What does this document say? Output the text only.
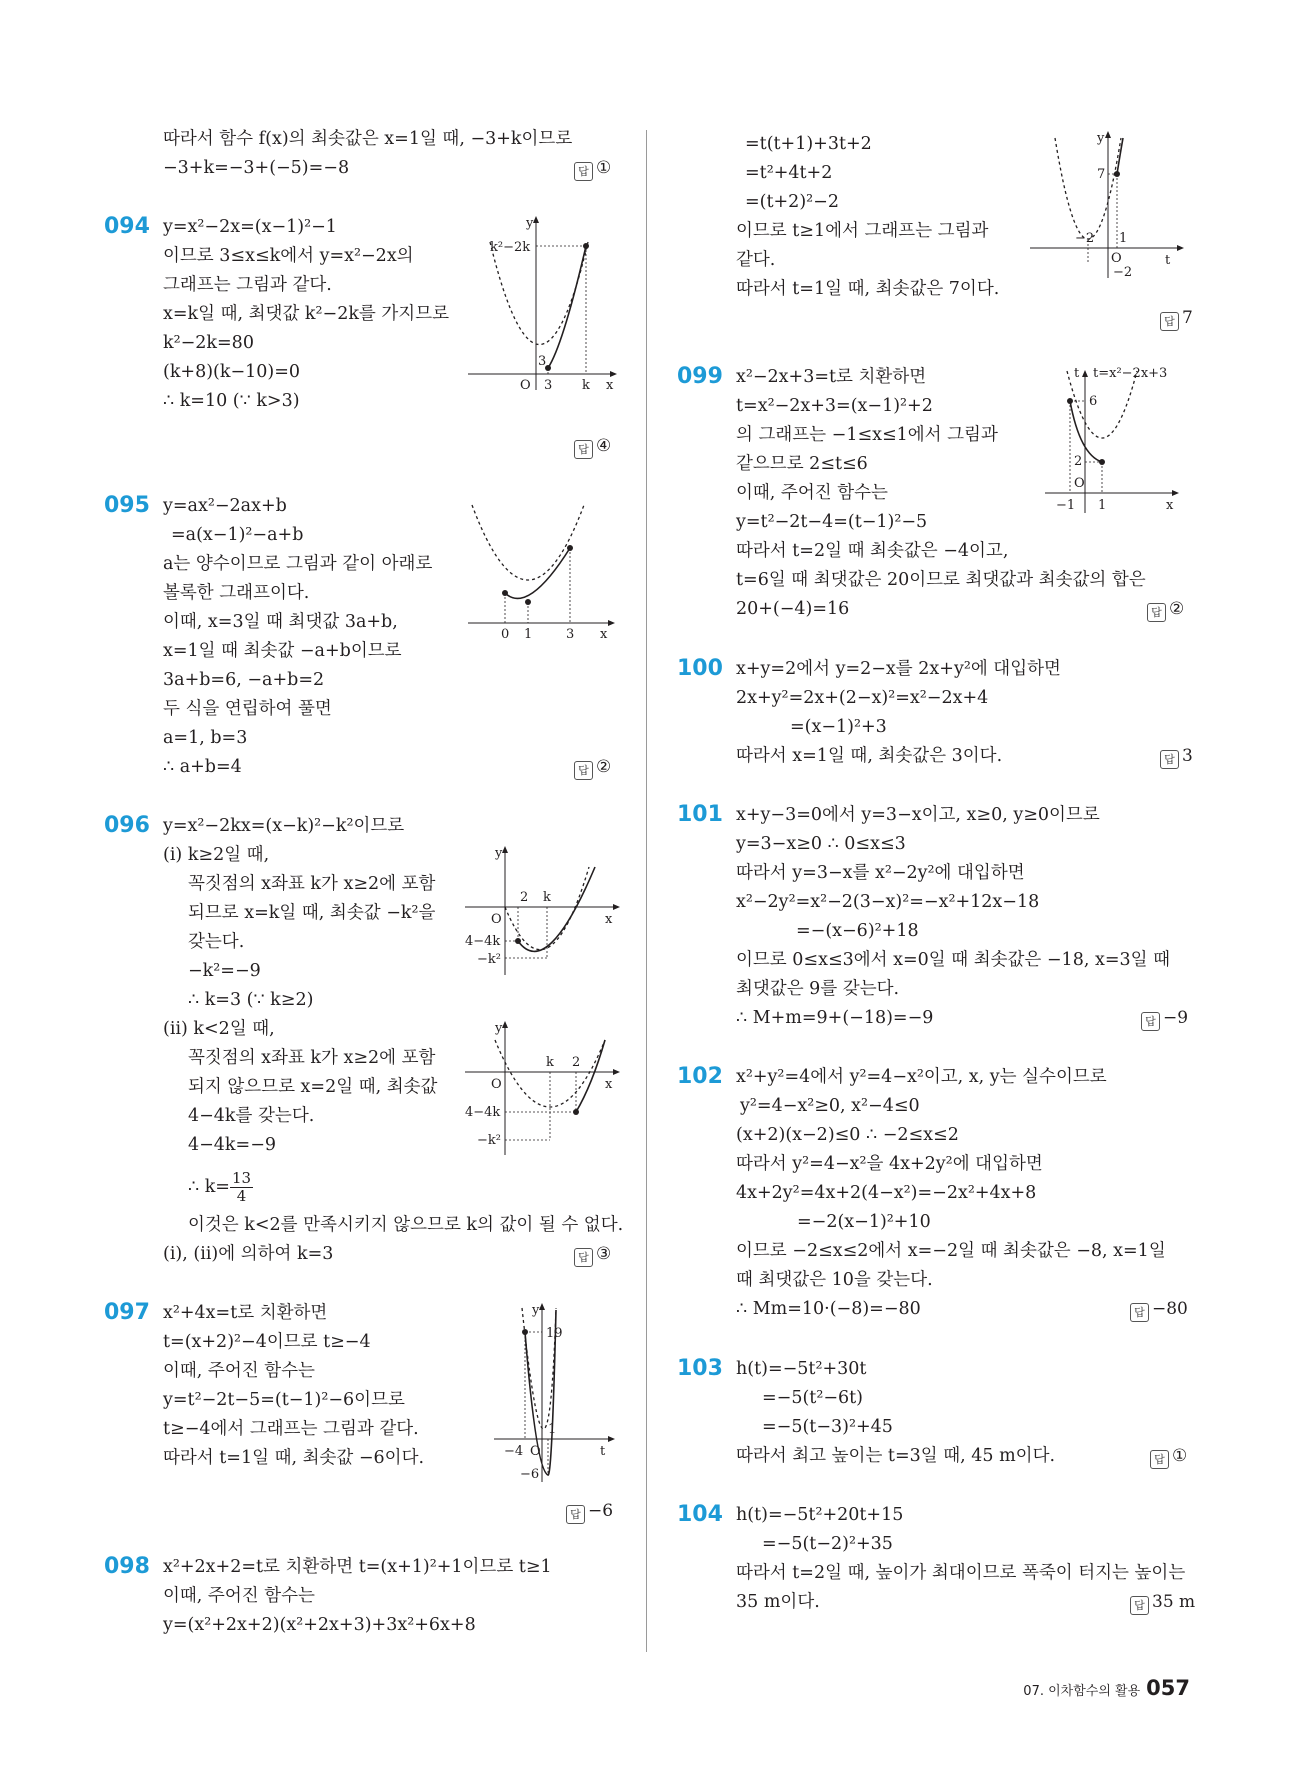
따라서 함수 f(x)의 최솟값은 x=1일 때, −3+k이므로
−3+k=−3+(−5)=−8	답 ①
094 y=x²−2x=(x−1)²−1
이므로 3≤x≤k에서 y=x²−2x의
그래프는 그림과 같다.
x=k일 때, 최댓값 k²−2k를 가지므로
k²−2k=80
(k+8)(k−10)=0
∴ k=10 (∵ k>3)
답 ④
y
x
O
k²−2k
3
3 k
095 y=ax²−2ax+b
=a(x−1)²−a+b
a는 양수이므로 그림과 같이 아래로
볼록한 그래프이다.
이때, x=3일 때 최댓값 3a+b,
x=1일 때 최솟값 −a+b이므로
3a+b=6, −a+b=2
두 식을 연립하여 풀면
a=1, b=3
∴ a+b=4	답 ②
0 1	3 x
096 y=x²−2kx=(x−k)²−k²이므로
(ⅰ) k≥2일 때,
꼭짓점의 x좌표 k가 x≥2에 포함
되므로 x=k일 때, 최솟값 −k²을
갖는다.
−k²=−9
∴ k=3 (∵ k≥2)
(ⅱ) k<2일 때,
꼭짓점의 x좌표 k가 x≥2에 포함
되지 않으므로 x=2일 때, 최솟값
4−4k를 갖는다.
4−4k=−9
∴ $k= \frac{13}{4}$
이것은 k<2를 만족시키지 않으므로 k의 값이 될 수 없다.
(ⅰ), (ⅱ)에 의하여 k=3	답 ③
y
x
O
2 k
4−4k
−k²
y
x
O
k 2
4−4k
−k²
097 x²+4x=t로 치환하면
t=(x+2)²−4이므로 t≥−4
이때, 주어진 함수는
y=t²−2t−5=(t−1)²−6이므로
t≥−4에서 그래프는 그림과 같다.
따라서 t=1일 때, 최솟값 −6이다.
답 −6
y
t
O
19
−4
1
−6
098 x²+2x+2=t로 치환하면 t=(x+1)²+1이므로 t≥1
이때, 주어진 함수는
y=(x²+2x+2)(x²+2x+3)+3x²+6x+8
=t(t+1)+3t+2
=t²+4t+2
=(t+2)²−2
이므로 t≥1에서 그래프는 그림과
같다.
따라서 t=1일 때, 최솟값은 7이다.
답 7
y
t
O
7
−2 1
−2
099 x²−2x+3=t로 치환하면
t=x²−2x+3=(x−1)²+2
의 그래프는 −1≤x≤1에서 그림과
같으므로 2≤t≤6
이때, 주어진 함수는
y=t²−2t−4=(t−1)²−5
따라서 t=2일 때 최솟값은 −4이고,
t=6일 때 최댓값은 20이므로 최댓값과 최솟값의 합은
20+(−4)=16	답 ②
t t=x²−2x+3
6
2
O
−1 1	x
100 x+y=2에서 y=2−x를 2x+y²에 대입하면
2x+y²=2x+(2−x)²=x²−2x+4
=(x−1)²+3
따라서 x=1일 때, 최솟값은 3이다.	답 3
101 x+y−3=0에서 y=3−x이고, x≥0, y≥0이므로
y=3−x≥0 ∴ 0≤x≤3
따라서 y=3−x를 x²−2y²에 대입하면
x²−2y²=x²−2(3−x)²=−x²+12x−18
=−(x−6)²+18
이므로 0≤x≤3에서 x=0일 때 최솟값은 −18, x=3일 때
최댓값은 9를 갖는다.
∴ M+m=9+(−18)=−9	답 −9
102 x²+y²=4에서 y²=4−x²이고, x, y는 실수이므로
y²=4−x²≥0, x²−4≤0
(x+2)(x−2)≤0 ∴ −2≤x≤2
따라서 y²=4−x²을 4x+2y²에 대입하면
4x+2y²=4x+2(4−x²)=−2x²+4x+8
=−2(x−1)²+10
이므로 −2≤x≤2에서 x=−2일 때 최솟값은 −8, x=1일
때 최댓값은 10을 갖는다.
∴ Mm=10·(−8)=−80	답 −80
103 h(t)=−5t²+30t
=−5(t²−6t)
=−5(t−3)²+45
따라서 최고 높이는 t=3일 때, 45 m이다.	답 ①
104 h(t)=−5t²+20t+15
=−5(t−2)²+35
따라서 t=2일 때, 높이가 최대이므로 폭죽이 터지는 높이는
35 m이다.	답 35 m
07. 이차함수의 활용 057
